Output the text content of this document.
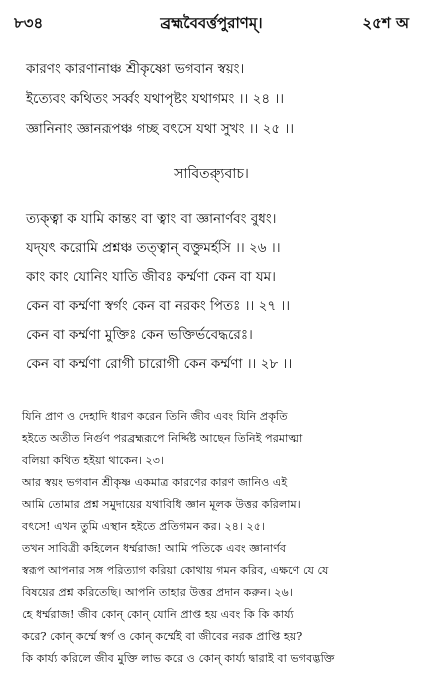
৮৩৪	ব্রহ্মবৈবর্ত্তপুরাণম্‌।	২৫শ অ
কারণং কারণানাঞ্চ শ্রীকৃষ্ণো ভগবান স্বয়ং।
ইত্যেবং কথিতং সর্ব্বং যথাপৃষ্টং যথাগমং ।। ২৪ ।।
জ্ঞানিনাং জ্ঞানরূপঞ্চ গচ্ছ বৎসে যথা সুখং ।। ২৫ ।।
সাবিত্র্যুবাচ।
ত্যক্ত্বা ক যামি কান্তং বা ত্বাং বা জ্ঞানার্ণবং বুধং।
যদ্‌যৎ করোমি প্রশ্নঞ্চ তত্ত্বান্‌ বক্তুমর্হসি ।। ২৬ ।।
কাং কাং যোনিং যাতি জীবঃ কর্ম্মণা কেন বা যম।
কেন বা কর্ম্মণা স্বর্গং কেন বা নরকং পিতঃ ।। ২৭ ।।
কেন বা কর্ম্মণা মুক্তিঃ কেন ভক্তির্ভবেদ্ধরেঃ।
কেন বা কর্ম্মণা রোগী চারোগী কেন কর্ম্মণা ।। ২৮ ।।
যিনি প্রাণ ও দেহাদি ধারণ করেন তিনি জীব এবং যিনি প্রকৃতি
হইতে অতীত নির্গুণ পরব্রহ্মরূপে নির্দ্দিষ্ট আছেন তিনিই পরমাত্মা
বলিয়া কথিত হইয়া থাকেন। ২৩।
আর স্বয়ং ভগবান শ্রীকৃষ্ণ একমাত্র কারণের কারণ জানিও এই
আমি তোমার প্রশ্ন সমুদায়ের যথাবিধি জ্ঞান মূলক উত্তর করিলাম।
বৎসে! এখন তুমি এস্থান হইতে প্রতিগমন কর। ২৪। ২৫।
তখন সাবিত্রী কহিলেন ধর্ম্মরাজ! আমি পতিকে এবং জ্ঞানার্ণব
স্বরূপ আপনার সঙ্গ পরিত্যাগ করিয়া কোথায় গমন করিব, এক্ষণে যে যে
বিষয়ের প্রশ্ন করিতেছি। আপনি তাহার উত্তর প্রদান করুন। ২৬।
হে ধর্ম্মরাজ! জীব কোন্‌ কোন্‌ যোনি প্রাপ্ত হয় এবং কি কি কার্য্য
করে? কোন্‌ কর্ম্মে স্বর্গ ও কোন্‌ কর্ম্মেই বা জীবের নরক প্রাপ্তি হয়?
কি কার্য্য করিলে জীব মুক্তি লাভ করে ও কোন্‌ কার্য্য দ্বারাই বা ভগবদ্ভক্তি
